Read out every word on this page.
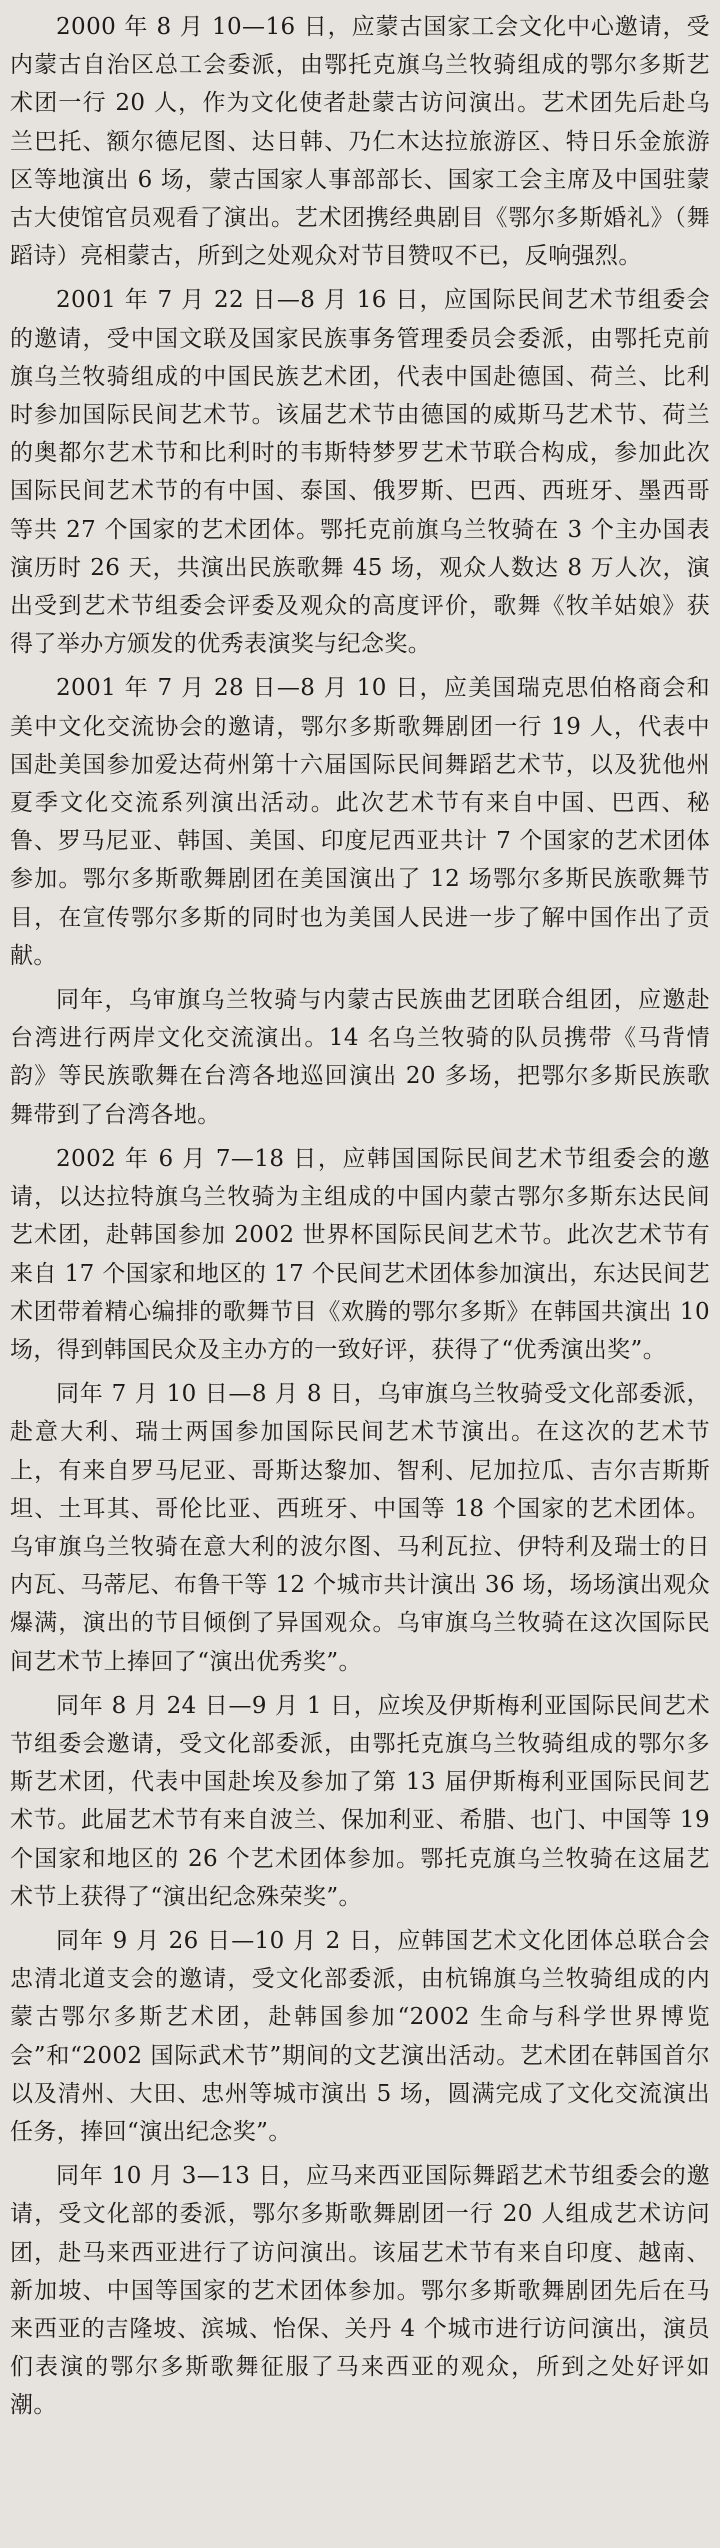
2000 年 8 月 10—16 日，应蒙古国家工会文化中心邀请，受内蒙古自治区总工会委派，由鄂托克旗乌兰牧骑组成的鄂尔多斯艺术团一行 20 人，作为文化使者赴蒙古访问演出。艺术团先后赴乌兰巴托、额尔德尼图、达日韩、乃仁木达拉旅游区、特日乐金旅游区等地演出 6 场，蒙古国家人事部部长、国家工会主席及中国驻蒙古大使馆官员观看了演出。艺术团携经典剧目《鄂尔多斯婚礼》（舞蹈诗）亮相蒙古，所到之处观众对节目赞叹不已，反响强烈。

2001 年 7 月 22 日—8 月 16 日，应国际民间艺术节组委会的邀请，受中国文联及国家民族事务管理委员会委派，由鄂托克前旗乌兰牧骑组成的中国民族艺术团，代表中国赴德国、荷兰、比利时参加国际民间艺术节。该届艺术节由德国的威斯马艺术节、荷兰的奥都尔艺术节和比利时的韦斯特梦罗艺术节联合构成，参加此次国际民间艺术节的有中国、泰国、俄罗斯、巴西、西班牙、墨西哥等共 27 个国家的艺术团体。鄂托克前旗乌兰牧骑在 3 个主办国表演历时 26 天，共演出民族歌舞 45 场，观众人数达 8 万人次，演出受到艺术节组委会评委及观众的高度评价，歌舞《牧羊姑娘》获得了举办方颁发的优秀表演奖与纪念奖。

2001 年 7 月 28 日—8 月 10 日，应美国瑞克思伯格商会和美中文化交流协会的邀请，鄂尔多斯歌舞剧团一行 19 人，代表中国赴美国参加爱达荷州第十六届国际民间舞蹈艺术节，以及犹他州夏季文化交流系列演出活动。此次艺术节有来自中国、巴西、秘鲁、罗马尼亚、韩国、美国、印度尼西亚共计 7 个国家的艺术团体参加。鄂尔多斯歌舞剧团在美国演出了 12 场鄂尔多斯民族歌舞节目，在宣传鄂尔多斯的同时也为美国人民进一步了解中国作出了贡献。

同年，乌审旗乌兰牧骑与内蒙古民族曲艺团联合组团，应邀赴台湾进行两岸文化交流演出。14 名乌兰牧骑的队员携带《马背情韵》等民族歌舞在台湾各地巡回演出 20 多场，把鄂尔多斯民族歌舞带到了台湾各地。

2002 年 6 月 7—18 日，应韩国国际民间艺术节组委会的邀请，以达拉特旗乌兰牧骑为主组成的中国内蒙古鄂尔多斯东达民间艺术团，赴韩国参加 2002 世界杯国际民间艺术节。此次艺术节有来自 17 个国家和地区的 17 个民间艺术团体参加演出，东达民间艺术团带着精心编排的歌舞节目《欢腾的鄂尔多斯》在韩国共演出 10 场，得到韩国民众及主办方的一致好评，获得了“优秀演出奖”。

同年 7 月 10 日—8 月 8 日，乌审旗乌兰牧骑受文化部委派，赴意大利、瑞士两国参加国际民间艺术节演出。在这次的艺术节上，有来自罗马尼亚、哥斯达黎加、智利、尼加拉瓜、吉尔吉斯斯坦、土耳其、哥伦比亚、西班牙、中国等 18 个国家的艺术团体。乌审旗乌兰牧骑在意大利的波尔图、马利瓦拉、伊特利及瑞士的日内瓦、马蒂尼、布鲁干等 12 个城市共计演出 36 场，场场演出观众爆满，演出的节目倾倒了异国观众。乌审旗乌兰牧骑在这次国际民间艺术节上捧回了“演出优秀奖”。

同年 8 月 24 日—9 月 1 日，应埃及伊斯梅利亚国际民间艺术节组委会邀请，受文化部委派，由鄂托克旗乌兰牧骑组成的鄂尔多斯艺术团，代表中国赴埃及参加了第 13 届伊斯梅利亚国际民间艺术节。此届艺术节有来自波兰、保加利亚、希腊、也门、中国等 19 个国家和地区的 26 个艺术团体参加。鄂托克旗乌兰牧骑在这届艺术节上获得了“演出纪念殊荣奖”。

同年 9 月 26 日—10 月 2 日，应韩国艺术文化团体总联合会忠清北道支会的邀请，受文化部委派，由杭锦旗乌兰牧骑组成的内蒙古鄂尔多斯艺术团，赴韩国参加“2002 生命与科学世界博览会”和“2002 国际武术节”期间的文艺演出活动。艺术团在韩国首尔以及清州、大田、忠州等城市演出 5 场，圆满完成了文化交流演出任务，捧回“演出纪念奖”。

同年 10 月 3—13 日，应马来西亚国际舞蹈艺术节组委会的邀请，受文化部的委派，鄂尔多斯歌舞剧团一行 20 人组成艺术访问团，赴马来西亚进行了访问演出。该届艺术节有来自印度、越南、新加坡、中国等国家的艺术团体参加。鄂尔多斯歌舞剧团先后在马来西亚的吉隆坡、滨城、怡保、关丹 4 个城市进行访问演出，演员们表演的鄂尔多斯歌舞征服了马来西亚的观众，所到之处好评如潮。
